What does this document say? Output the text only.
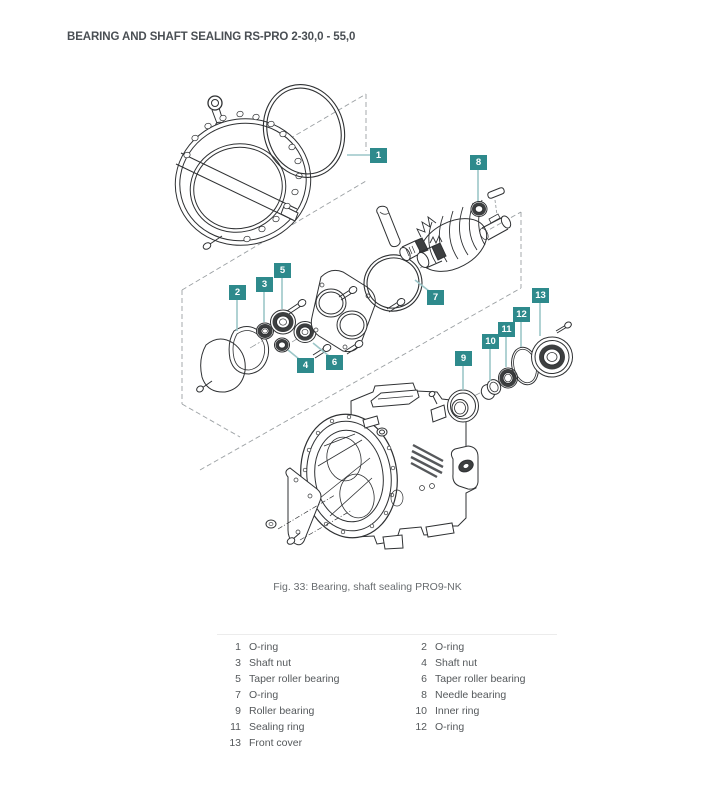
BEARING AND SHAFT SEALING RS-PRO 2-30,0 - 55,0
1
2
3
4
5
6
7
8
9
10
11
12
13
Fig. 33: Bearing, shaft sealing PRO9-NK
1 O-ring	2 O-ring
3 Shaft nut	4 Shaft nut
5 Taper roller bearing	6 Taper roller bearing
7 O-ring	8 Needle bearing
9 Roller bearing	10 Inner ring
11 Sealing ring	12 O-ring
13 Front cover
